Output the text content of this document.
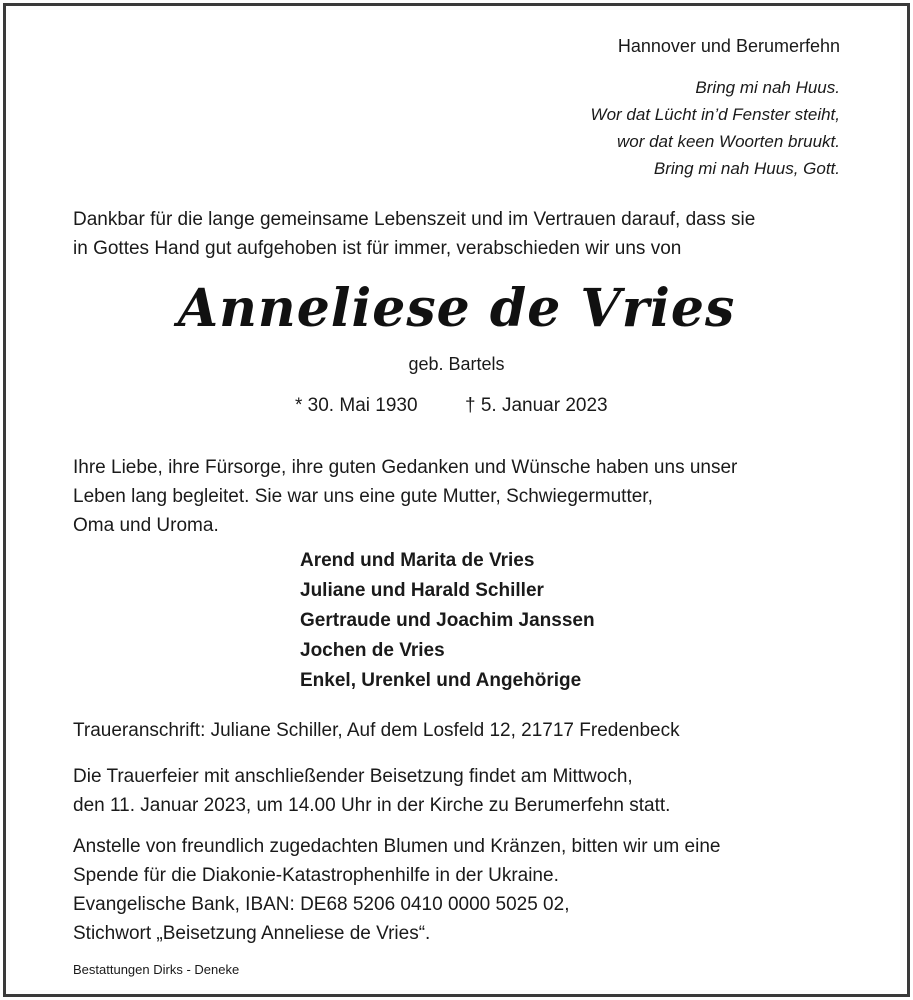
Hannover und Berumerfehn
Bring mi nah Huus.
Wor dat Lücht in’d Fenster steiht,
wor dat keen Woorten bruukt.
Bring mi nah Huus, Gott.
Dankbar für die lange gemeinsame Lebenszeit und im Vertrauen darauf, dass sie
in Gottes Hand gut aufgehoben ist für immer, verabschieden wir uns von
Anneliese de Vries
geb. Bartels
* 30. Mai 1930 † 5. Januar 2023
Ihre Liebe, ihre Fürsorge, ihre guten Gedanken und Wünsche haben uns unser
Leben lang begleitet. Sie war uns eine gute Mutter, Schwiegermutter,
Oma und Uroma.
Arend und Marita de Vries
Juliane und Harald Schiller
Gertraude und Joachim Janssen
Jochen de Vries
Enkel, Urenkel und Angehörige
Traueranschrift: Juliane Schiller, Auf dem Losfeld 12, 21717 Fredenbeck
Die Trauerfeier mit anschließender Beisetzung findet am Mittwoch,
den 11. Januar 2023, um 14.00 Uhr in der Kirche zu Berumerfehn statt.
Anstelle von freundlich zugedachten Blumen und Kränzen, bitten wir um eine
Spende für die Diakonie-Katastrophenhilfe in der Ukraine.
Evangelische Bank, IBAN: DE68 5206 0410 0000 5025 02,
Stichwort „Beisetzung Anneliese de Vries“.
Bestattungen Dirks - Deneke
